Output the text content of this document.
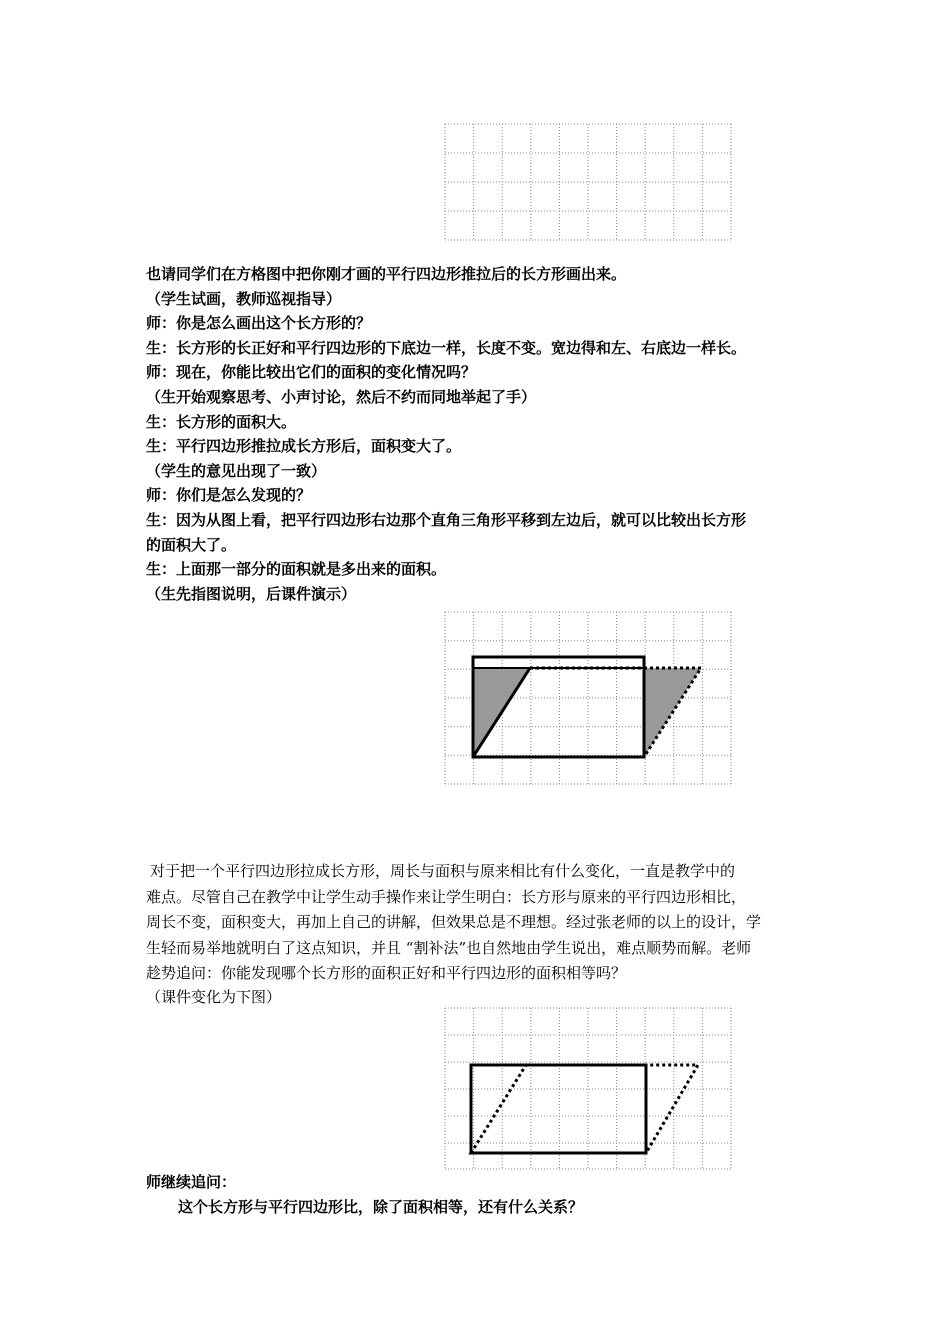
也请同学们在方格图中把你刚才画的平行四边形推拉后的长方形画出来。
（学生试画，教师巡视指导）
师：你是怎么画出这个长方形的？
生：长方形的长正好和平行四边形的下底边一样，长度不变。宽边得和左、右底边一样长。
师：现在，你能比较出它们的面积的变化情况吗？
（生开始观察思考、小声讨论，然后不约而同地举起了手）
生：长方形的面积大。
生：平行四边形推拉成长方形后，面积变大了。
（学生的意见出现了一致）
师：你们是怎么发现的？
生：因为从图上看，把平行四边形右边那个直角三角形平移到左边后，就可以比较出长方形
的面积大了。
生：上面那一部分的面积就是多出来的面积。
（生先指图说明，后课件演示）
对于把一个平行四边形拉成长方形，周长与面积与原来相比有什么变化，一直是教学中的
难点。尽管自己在教学中让学生动手操作来让学生明白：长方形与原来的平行四边形相比，
周长不变，面积变大，再加上自己的讲解，但效果总是不理想。经过张老师的以上的设计，学
生轻而易举地就明白了这点知识，并且 “割补法”也自然地由学生说出，难点顺势而解。老师
趁势追问：你能发现哪个长方形的面积正好和平行四边形的面积相等吗？
（课件变化为下图）
师继续追问：
这个长方形与平行四边形比，除了面积相等，还有什么关系？
